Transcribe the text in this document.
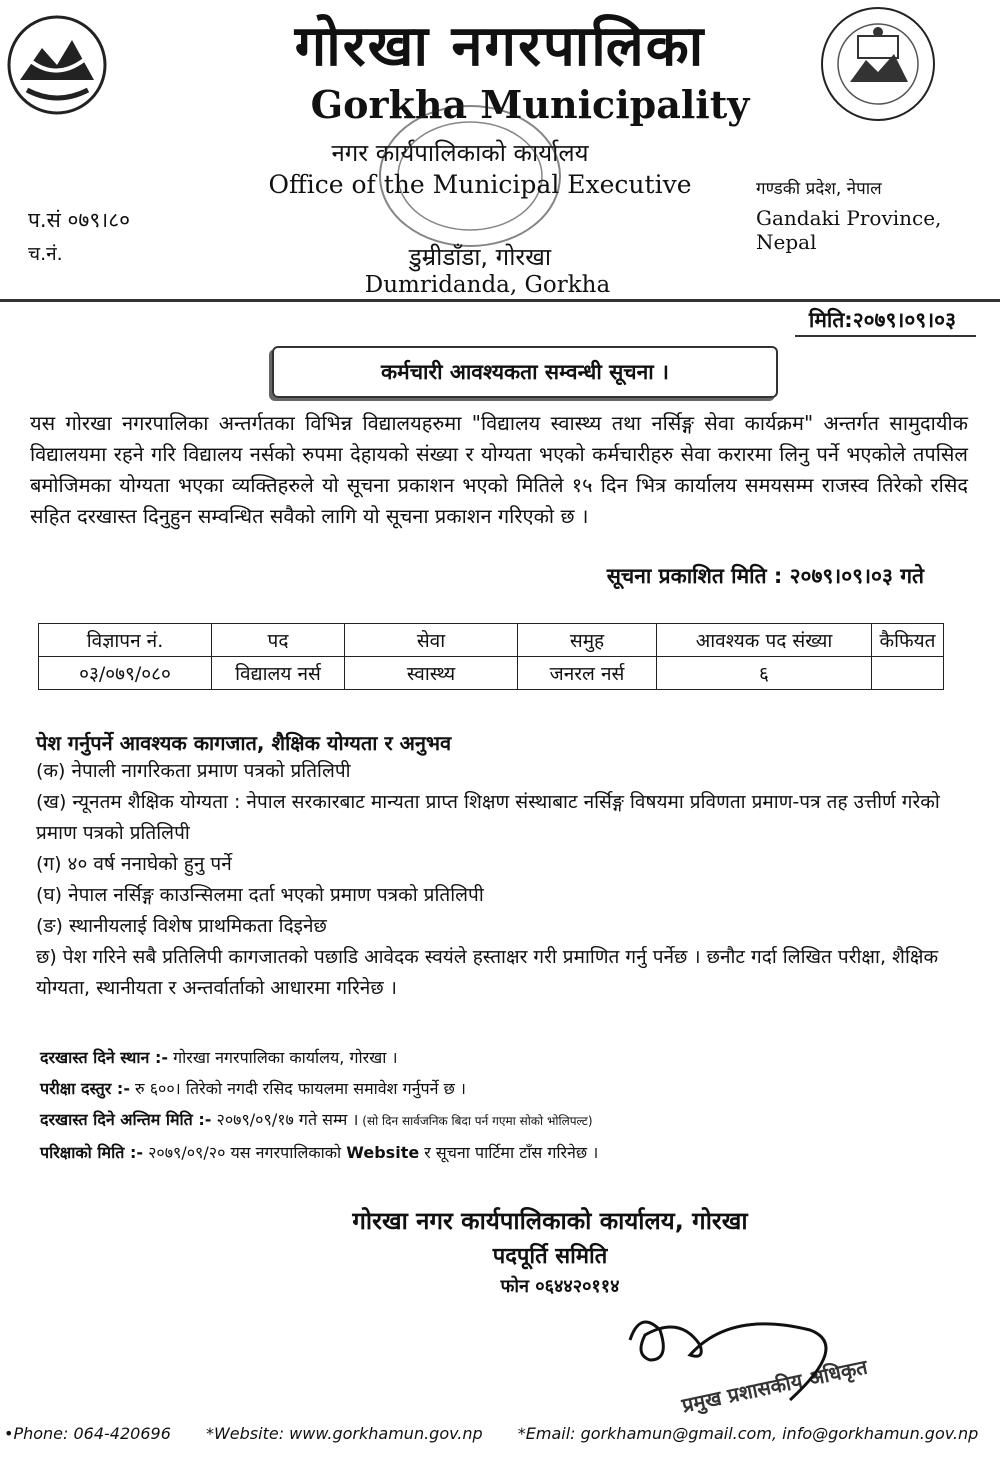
गोरखा नगरपालिका
Gorkha Municipality
नगर कार्यपालिकाको कार्यालय
Office of the Municipal Executive
डुम्रीडाँडा, गोरखा
Dumridanda, Gorkha
गण्डकी प्रदेश, नेपाल
Gandaki Province, Nepal
प.सं ०७९।८०
च.नं.
मिति:२०७९।०९।०३
कर्मचारी आवश्यकता सम्वन्धी सूचना ।
यस गोरखा नगरपालिका अन्तर्गतका विभिन्न विद्यालयहरुमा "विद्यालय स्वास्थ्य तथा नर्सिङ्ग सेवा कार्यक्रम" अन्तर्गत सामुदायीक विद्यालयमा रहने गरि विद्यालय नर्सको रुपमा देहायको संख्या र योग्यता भएको कर्मचारीहरु सेवा करारमा लिनु पर्ने भएकोले तपसिल बमोजिमका योग्यता भएका व्यक्तिहरुले यो सूचना प्रकाशन भएको मितिले १५ दिन भित्र कार्यालय समयसम्म राजस्व तिरेको रसिद सहित दरखास्त दिनुहुन सम्वन्धित सवैको लागि यो सूचना प्रकाशन गरिएको छ ।
सूचना प्रकाशित मिति : २०७९।०९।०३ गते
विज्ञापन नं.	पद	सेवा	समुह	आवश्यक पद संख्या	कैफियत
०३/०७९/०८०	विद्यालय नर्स	स्वास्थ्य	जनरल नर्स	६	
पेश गर्नुपर्ने आवश्यक कागजात, शैक्षिक योग्यता र अनुभव
(क) नेपाली नागरिकता प्रमाण पत्रको प्रतिलिपी
(ख) न्यूनतम शैक्षिक योग्यता : नेपाल सरकारबाट मान्यता प्राप्त शिक्षण संस्थाबाट नर्सिङ्ग विषयमा प्रविणता प्रमाण-पत्र तह उत्तीर्ण गरेको प्रमाण पत्रको प्रतिलिपी
(ग) ४० वर्ष ननाघेको हुनु पर्ने
(घ) नेपाल नर्सिङ्ग काउन्सिलमा दर्ता भएको प्रमाण पत्रको प्रतिलिपी
(ङ) स्थानीयलाई विशेष प्राथमिकता दिइनेछ
छ) पेश गरिने सबै प्रतिलिपी कागजातको पछाडि आवेदक स्वयंले हस्ताक्षर गरी प्रमाणित गर्नु पर्नेछ । छनौट गर्दा लिखित परीक्षा, शैक्षिक योग्यता, स्थानीयता र अन्तर्वार्ताको आधारमा गरिनेछ ।
दरखास्त दिने स्थान :- गोरखा नगरपालिका कार्यालय, गोरखा ।
परीक्षा दस्तुर :- रु ६००। तिरेको नगदी रसिद फायलमा समावेश गर्नुपर्ने छ ।
दरखास्त दिने अन्तिम मिति :- २०७९/०९/१७ गते सम्म । (सो दिन सार्वजनिक बिदा पर्न गएमा सोको भोलिपल्ट)
परिक्षाको मिति :- २०७९/०९/२० यस नगरपालिकाको Website र सूचना पार्टिमा टाँस गरिनेछ ।
गोरखा नगर कार्यपालिकाको कार्यालय, गोरखा
पदपूर्ति समिति
फोन ०६४४२०११४
प्रमुख प्रशासकीय अधिकृत
•Phone: 064-420696 *Website: www.gorkhamun.gov.np *Email: gorkhamun@gmail.com, info@gorkhamun.gov.np
